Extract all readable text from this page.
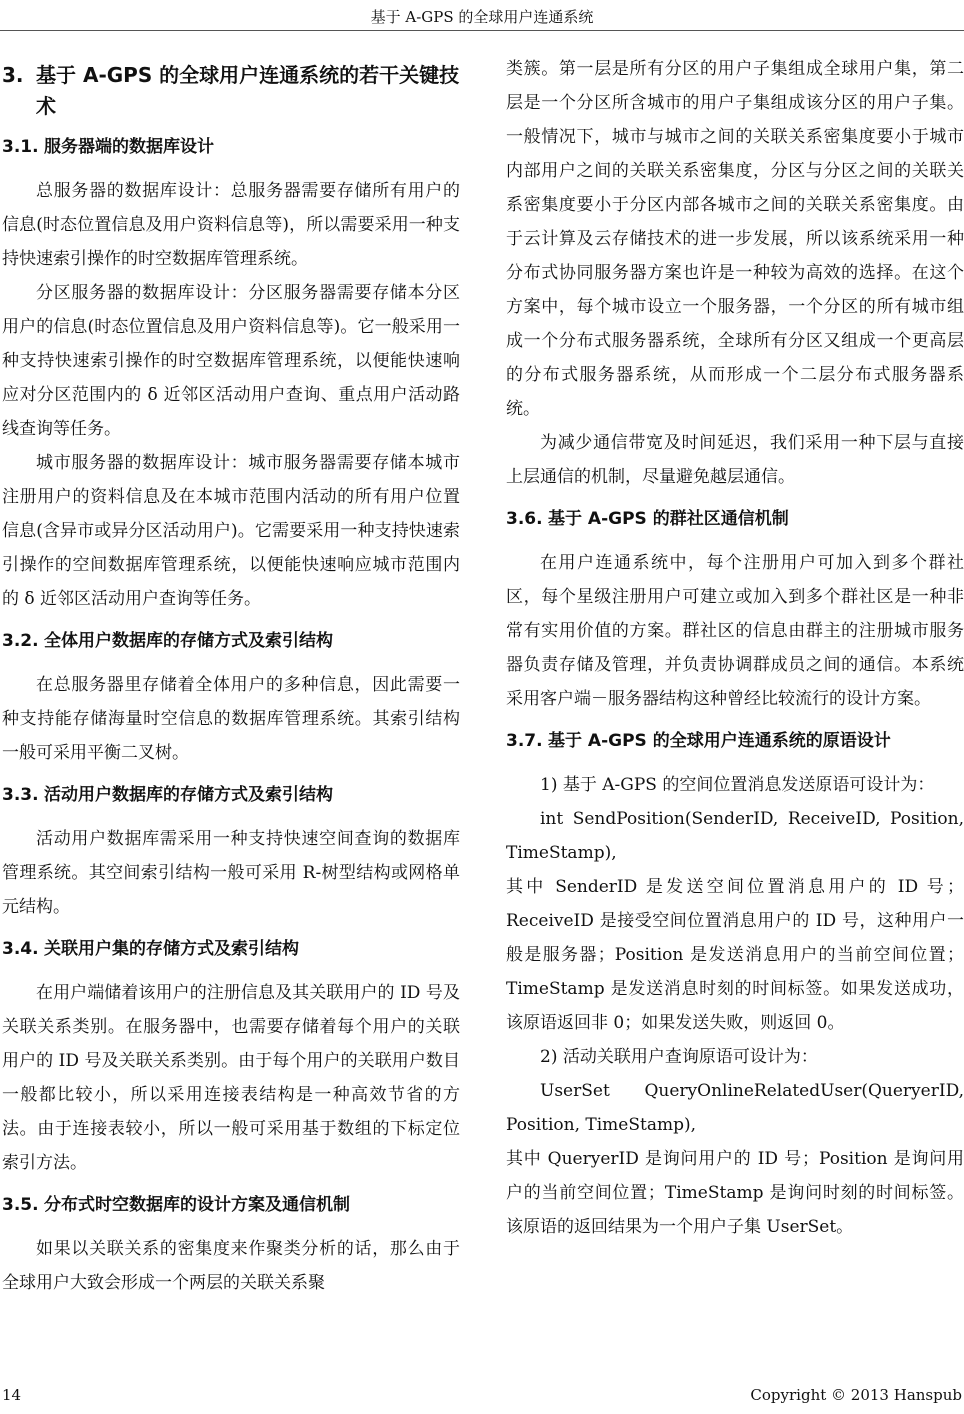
基于 A-GPS 的全球用户连通系统
3. 基于 A-GPS 的全球用户连通系统的若干关键技术
3.1. 服务器端的数据库设计

总服务器的数据库设计：总服务器需要存储所有用户的信息(时态位置信息及用户资料信息等)，所以需要采用一种支持快速索引操作的时空数据库管理系统。

分区服务器的数据库设计：分区服务器需要存储本分区用户的信息(时态位置信息及用户资料信息等)。它一般采用一种支持快速索引操作的时空数据库管理系统，以便能快速响应对分区范围内的 δ 近邻区活动用户查询、重点用户活动路线查询等任务。

城市服务器的数据库设计：城市服务器需要存储本城市注册用户的资料信息及在本城市范围内活动的所有用户位置信息(含异市或异分区活动用户)。它需要采用一种支持快速索引操作的空间数据库管理系统，以便能快速响应城市范围内的 δ 近邻区活动用户查询等任务。

3.2. 全体用户数据库的存储方式及索引结构

在总服务器里存储着全体用户的多种信息，因此需要一种支持能存储海量时空信息的数据库管理系统。其索引结构一般可采用平衡二叉树。

3.3. 活动用户数据库的存储方式及索引结构

活动用户数据库需采用一种支持快速空间查询的数据库管理系统。其空间索引结构一般可采用 R-树型结构或网格单元结构。

3.4. 关联用户集的存储方式及索引结构

在用户端储着该用户的注册信息及其关联用户的 ID 号及关联关系类别。在服务器中，也需要存储着每个用户的关联用户的 ID 号及关联关系类别。由于每个用户的关联用户数目一般都比较小，所以采用连接表结构是一种高效节省的方法。由于连接表较小，所以一般可采用基于数组的下标定位索引方法。

3.5. 分布式时空数据库的设计方案及通信机制

如果以关联关系的密集度来作聚类分析的话，那么由于全球用户大致会形成一个两层的关联关系聚

类簇。第一层是所有分区的用户子集组成全球用户集，第二层是一个分区所含城市的用户子集组成该分区的用户子集。一般情况下，城市与城市之间的关联关系密集度要小于城市内部用户之间的关联关系密集度，分区与分区之间的关联关系密集度要小于分区内部各城市之间的关联关系密集度。由于云计算及云存储技术的进一步发展，所以该系统采用一种分布式协同服务器方案也许是一种较为高效的选择。在这个方案中，每个城市设立一个服务器，一个分区的所有城市组成一个分布式服务器系统，全球所有分区又组成一个更高层的分布式服务器系统，从而形成一个二层分布式服务器系统。

为减少通信带宽及时间延迟，我们采用一种下层与直接上层通信的机制，尽量避免越层通信。

3.6. 基于 A-GPS 的群社区通信机制

在用户连通系统中，每个注册用户可加入到多个群社区，每个星级注册用户可建立或加入到多个群社区是一种非常有实用价值的方案。群社区的信息由群主的注册城市服务器负责存储及管理，并负责协调群成员之间的通信。本系统采用客户端－服务器结构这种曾经比较流行的设计方案。

3.7. 基于 A-GPS 的全球用户连通系统的原语设计

1) 基于 A-GPS 的空间位置消息发送原语可设计为：

int SendPosition(SenderID, ReceiveID, Position, TimeStamp),

其中 SenderID 是发送空间位置消息用户的 ID 号；ReceiveID 是接受空间位置消息用户的 ID 号，这种用户一般是服务器；Position 是发送消息用户的当前空间位置；TimeStamp 是发送消息时刻的时间标签。如果发送成功，该原语返回非 0；如果发送失败，则返回 0。

2) 活动关联用户查询原语可设计为：

UserSet QueryOnlineRelatedUser(QueryerID, Position, TimeStamp),

其中 QueryerID 是询问用户的 ID 号；Position 是询问用户的当前空间位置；TimeStamp 是询问时刻的时间标签。该原语的返回结果为一个用户子集 UserSet。

14	Copyright © 2013 Hanspub
